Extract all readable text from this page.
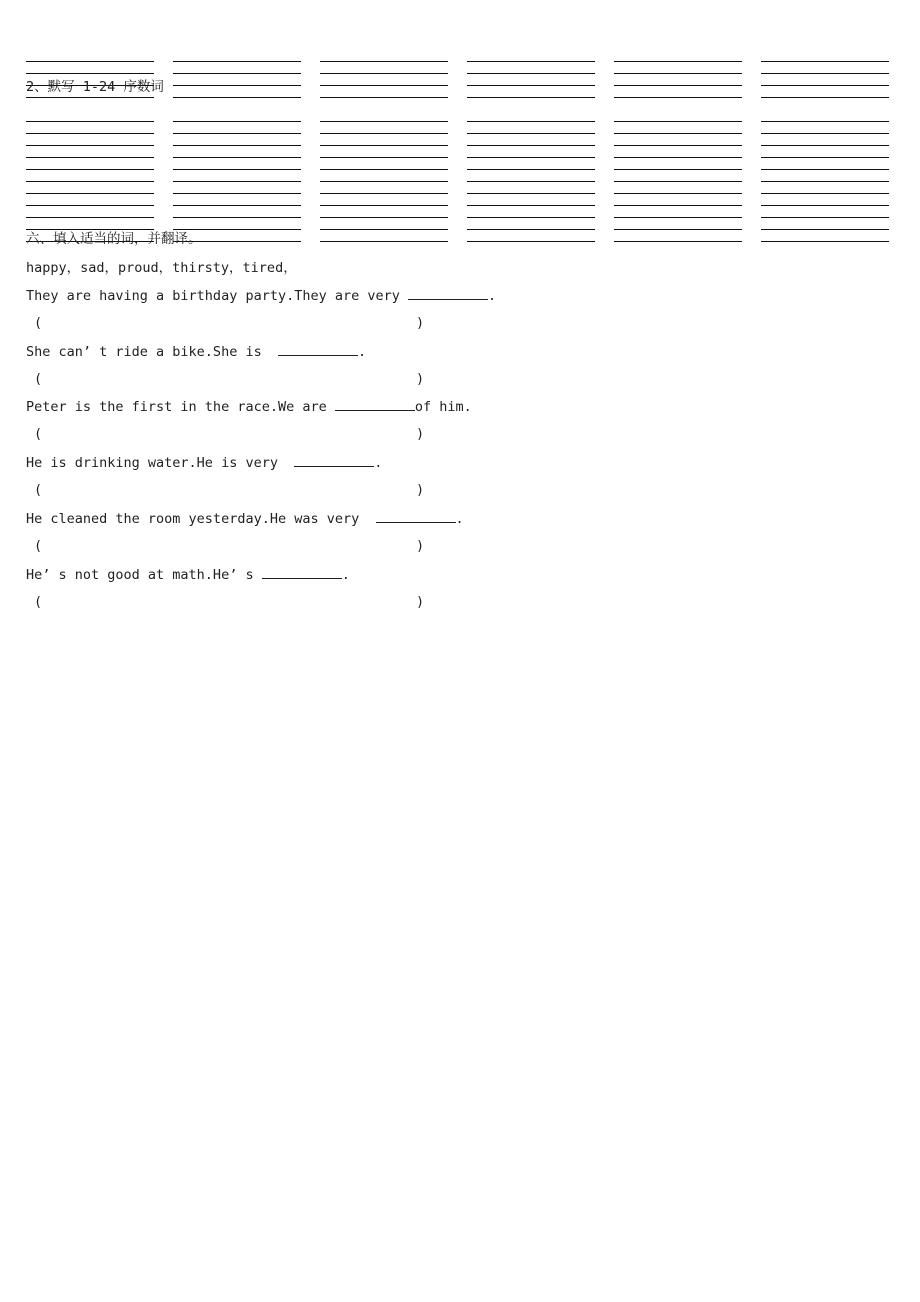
2、默写 1-24 序数词
六、填入适当的词，并翻译。
happy，sad，proud，thirsty，tired，
They are having a birthday party.They are very	.
(	)
She can’ t ride a bike.She is	.
(	)
Peter is the first in the race.We are	of him.
(	)
He is drinking water.He is very	.
(	)
He cleaned the room yesterday.He was very	.
(	)
He’ s not good at math.He’ s	.
(	)
